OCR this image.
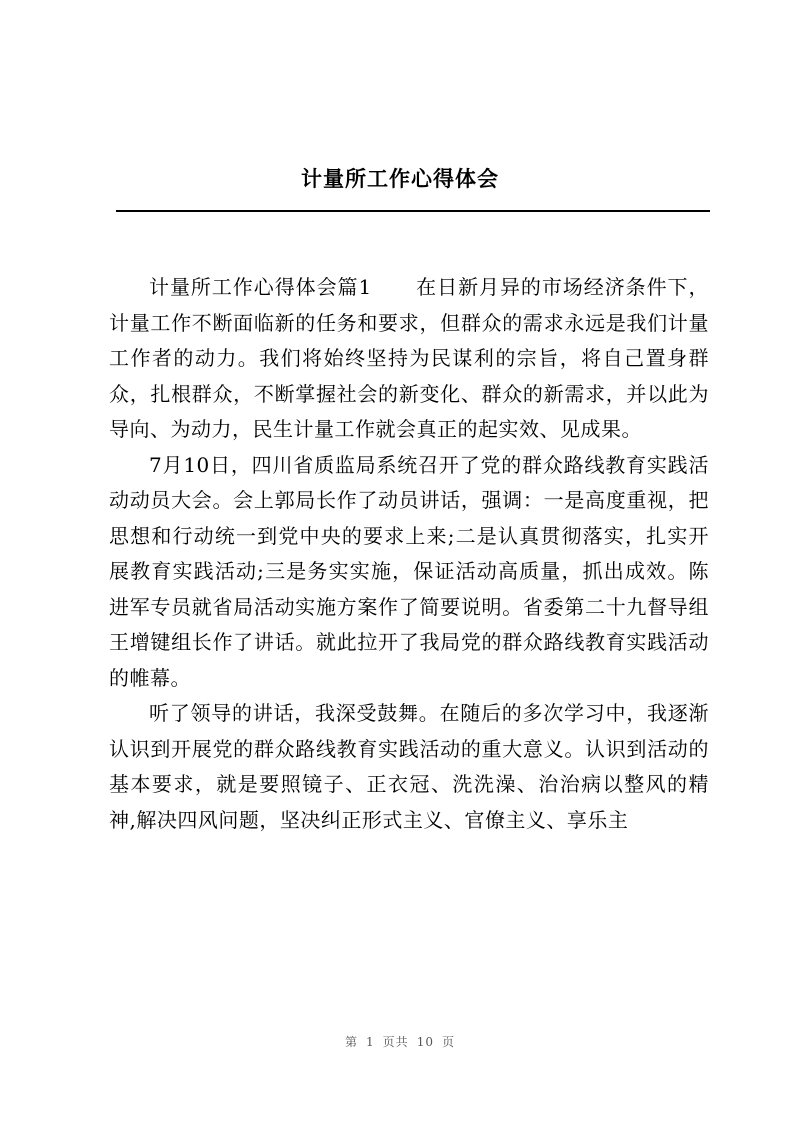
计量所工作心得体会

计量所工作心得体会篇1 在日新月异的市场经济条件下，计量工作不断面临新的任务和要求，但群众的需求永远是我们计量工作者的动力。我们将始终坚持为民谋利的宗旨，将自己置身群众，扎根群众，不断掌握社会的新变化、群众的新需求，并以此为导向、为动力，民生计量工作就会真正的起实效、见成果。

7月10日，四川省质监局系统召开了党的群众路线教育实践活动动员大会。会上郭局长作了动员讲话，强调：一是高度重视，把思想和行动统一到党中央的要求上来;二是认真贯彻落实，扎实开展教育实践活动;三是务实实施，保证活动高质量，抓出成效。陈进军专员就省局活动实施方案作了简要说明。省委第二十九督导组王增键组长作了讲话。就此拉开了我局党的群众路线教育实践活动的帷幕。

听了领导的讲话，我深受鼓舞。在随后的多次学习中，我逐渐认识到开展党的群众路线教育实践活动的重大意义。认识到活动的基本要求，就是要照镜子、正衣冠、洗洗澡、治治病以整风的精神,解决四风问题，坚决纠正形式主义、官僚主义、享乐主

第 1 页共 10 页
